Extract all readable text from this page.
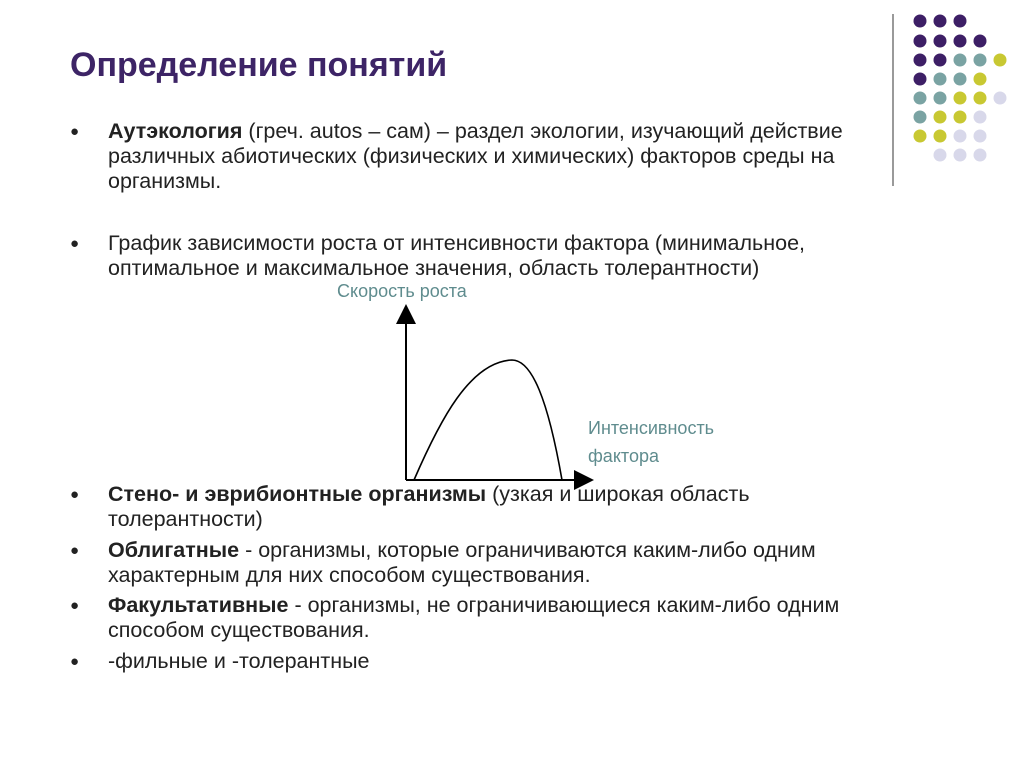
Определение понятий
● Аутэкология (греч. autos – сам) – раздел экологии, изучающий действие
различных абиотических (физических и химических) факторов среды на
организмы.
● График зависимости роста от интенсивности фактора (минимальное,
оптимальное и максимальное значения, область толерантности)
Скорость роста
Интенсивность
фактора
● Стено- и эврибионтные организмы (узкая и широкая область
толерантности)
● Облигатные - организмы, которые ограничиваются каким-либо одним
характерным для них способом существования.
● Факультативные - организмы, не ограничивающиеся каким-либо одним
способом существования.
● -фильные и -толерантные
